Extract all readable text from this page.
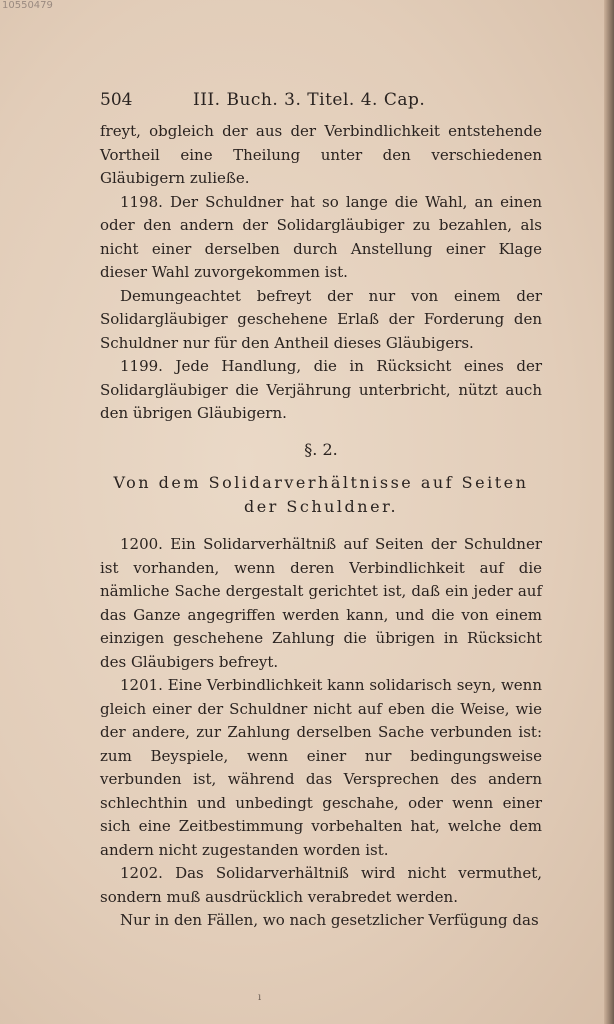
10550479
504	III. Buch. 3. Titel. 4. Cap.

freyt, obgleich der aus der Verbindlichkeit entstehende Vortheil eine Theilung unter den verschiedenen Gläubigern zuließe.

1198. Der Schuldner hat so lange die Wahl, an einen oder den andern der Solidargläubiger zu bezahlen, als nicht einer derselben durch Anstellung einer Klage dieser Wahl zuvorgekommen ist.

Demungeachtet befreyt der nur von einem der Solidargläubiger geschehene Erlaß der Forderung den Schuldner nur für den Antheil dieses Gläubigers.

1199. Jede Handlung, die in Rücksicht eines der Solidargläubiger die Verjährung unterbricht, nützt auch den übrigen Gläubigern.

§. 2.
Von dem Solidarverhältnisse auf Seiten der Schuldner.

1200. Ein Solidarverhältniß auf Seiten der Schuldner ist vorhanden, wenn deren Verbindlichkeit auf die nämliche Sache dergestalt gerichtet ist, daß ein jeder auf das Ganze angegriffen werden kann, und die von einem einzigen geschehene Zahlung die übrigen in Rücksicht des Gläubigers befreyt.

1201. Eine Verbindlichkeit kann solidarisch seyn, wenn gleich einer der Schuldner nicht auf eben die Weise, wie der andere, zur Zahlung derselben Sache verbunden ist: zum Beyspiele, wenn einer nur bedingungsweise verbunden ist, während das Versprechen des andern schlechthin und unbedingt geschahe, oder wenn einer sich eine Zeitbestimmung vorbehalten hat, welche dem andern nicht zugestanden worden ist.

1202. Das Solidarverhältniß wird nicht vermuthet, sondern muß ausdrücklich verabredet werden.

Nur in den Fällen, wo nach gesetzlicher Verfügung das

ı
